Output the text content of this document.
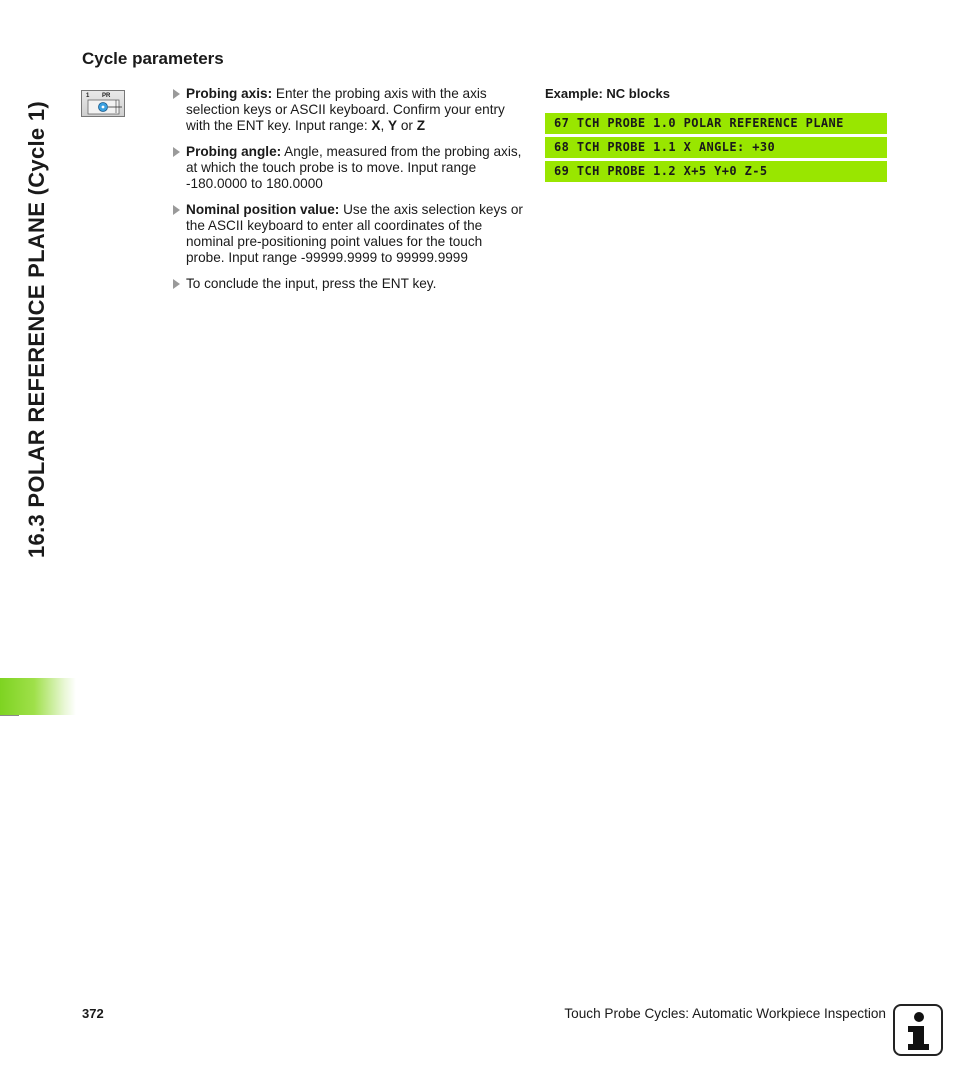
16.3 POLAR REFERENCE PLANE (Cycle 1)
Cycle parameters
1 PR	Probing axis: Enter the probing axis with the axis selection keys or ASCII keyboard. Confirm your entry with the ENT key. Input range: X, Y or Z
Probing angle: Angle, measured from the probing axis, at which the touch probe is to move. Input range -180.0000 to 180.0000
Nominal position value: Use the axis selection keys or the ASCII keyboard to enter all coordinates of the nominal pre-positioning point values for the touch probe. Input range -99999.9999 to 99999.9999
To conclude the input, press the ENT key.
Example: NC blocks
67 TCH PROBE 1.0 POLAR REFERENCE PLANE
68 TCH PROBE 1.1 X ANGLE: +30
69 TCH PROBE 1.2 X+5 Y+0 Z-5
372	Touch Probe Cycles: Automatic Workpiece Inspection
